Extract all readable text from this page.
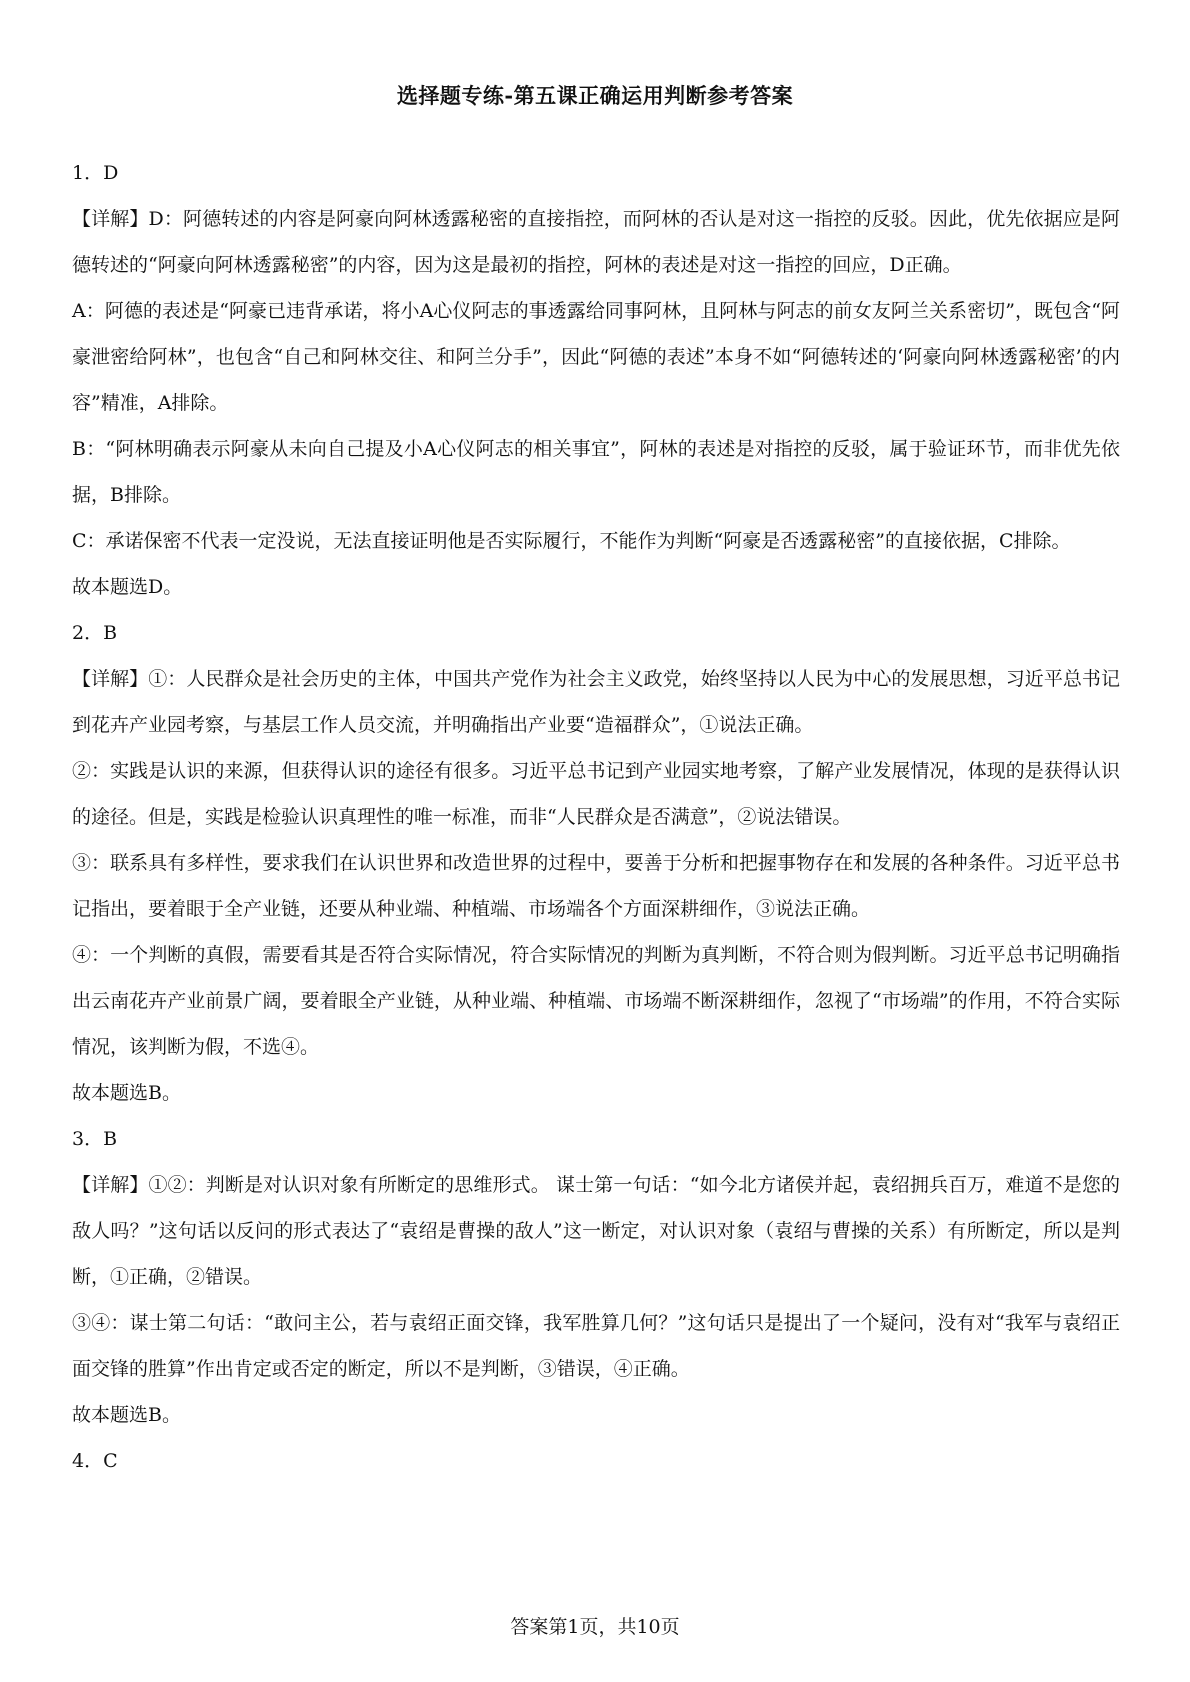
选择题专练-第五课正确运用判断参考答案

1．D

【详解】D：阿德转述的内容是阿豪向阿林透露秘密的直接指控，而阿林的否认是对这一指控的反驳。因此，优先依据应是阿德转述的“阿豪向阿林透露秘密”的内容，因为这是最初的指控，阿林的表述是对这一指控的回应，D正确。

A：阿德的表述是“阿豪已违背承诺，将小A心仪阿志的事透露给同事阿林，且阿林与阿志的前女友阿兰关系密切”，既包含“阿豪泄密给阿林”，也包含“自己和阿林交往、和阿兰分手”，因此“阿德的表述”本身不如“阿德转述的‘阿豪向阿林透露秘密’的内容”精准，A排除。

B：“阿林明确表示阿豪从未向自己提及小A心仪阿志的相关事宜”，阿林的表述是对指控的反驳，属于验证环节，而非优先依据，B排除。

C：承诺保密不代表一定没说，无法直接证明他是否实际履行，不能作为判断“阿豪是否透露秘密”的直接依据，C排除。

故本题选D。

2．B

【详解】①：人民群众是社会历史的主体，中国共产党作为社会主义政党，始终坚持以人民为中心的发展思想，习近平总书记到花卉产业园考察，与基层工作人员交流，并明确指出产业要“造福群众”，①说法正确。

②：实践是认识的来源，但获得认识的途径有很多。习近平总书记到产业园实地考察，了解产业发展情况，体现的是获得认识的途径。但是，实践是检验认识真理性的唯一标准，而非“人民群众是否满意”，②说法错误。

③：联系具有多样性，要求我们在认识世界和改造世界的过程中，要善于分析和把握事物存在和发展的各种条件。习近平总书记指出，要着眼于全产业链，还要从种业端、种植端、市场端各个方面深耕细作，③说法正确。

④：一个判断的真假，需要看其是否符合实际情况，符合实际情况的判断为真判断，不符合则为假判断。习近平总书记明确指出云南花卉产业前景广阔，要着眼全产业链，从种业端、种植端、市场端不断深耕细作，忽视了“市场端”的作用，不符合实际情况，该判断为假，不选④。

故本题选B。

3．B

【详解】①②：判断是对认识对象有所断定的思维形式。 谋士第一句话：“如今北方诸侯并起，袁绍拥兵百万，难道不是您的敌人吗？”这句话以反问的形式表达了“袁绍是曹操的敌人”这一断定，对认识对象（袁绍与曹操的关系）有所断定，所以是判断，①正确，②错误。

③④：谋士第二句话：“敢问主公，若与袁绍正面交锋，我军胜算几何？”这句话只是提出了一个疑问，没有对“我军与袁绍正面交锋的胜算”作出肯定或否定的断定，所以不是判断，③错误，④正确。

故本题选B。

4．C

答案第1页，共10页
